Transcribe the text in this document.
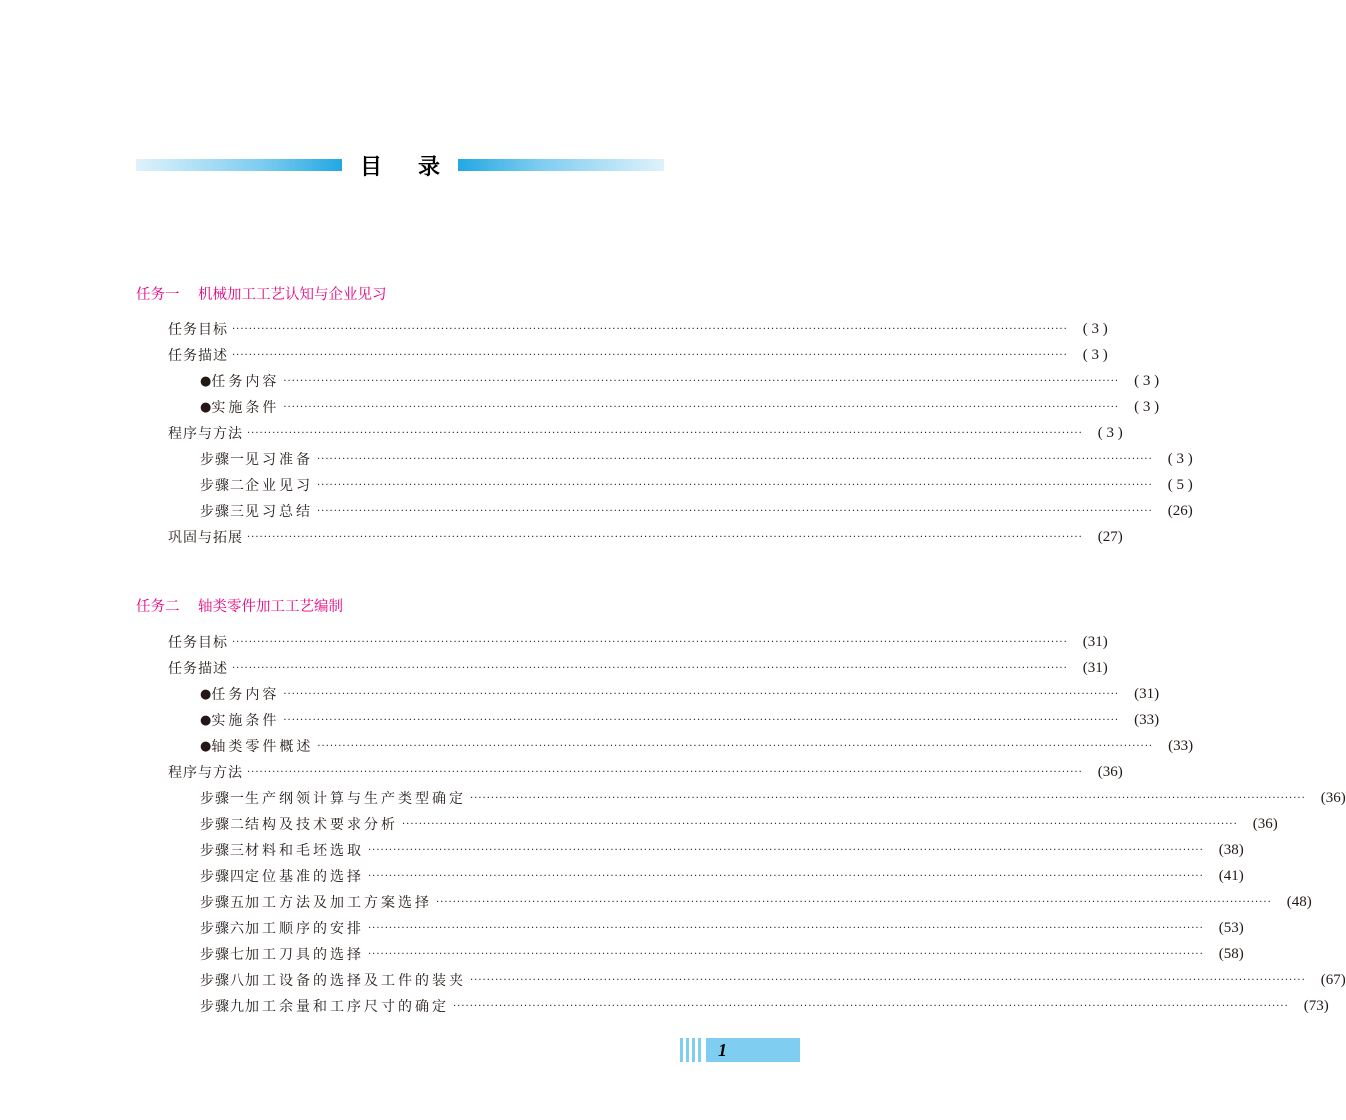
目 录
任务一 机械加工工艺认知与企业见习
任务目标 ········································································································································································································	( 3 )
任务描述 ········································································································································································································	( 3 )
● 任务内容 ········································································································································································································	( 3 )
● 实施条件 ········································································································································································································	( 3 )
程序与方法 ········································································································································································································	( 3 )
步骤一 见习准备 ········································································································································································································	( 3 )
步骤二 企业见习 ········································································································································································································	( 5 )
步骤三 见习总结 ········································································································································································································	(26)
巩固与拓展 ········································································································································································································	(27)
任务二 轴类零件加工工艺编制
任务目标 ········································································································································································································	(31)
任务描述 ········································································································································································································	(31)
● 任务内容 ········································································································································································································	(31)
● 实施条件 ········································································································································································································	(33)
● 轴类零件概述 ········································································································································································································	(33)
程序与方法 ········································································································································································································	(36)
步骤一 生产纲领计算与生产类型确定 ········································································································································································································	(36)
步骤二 结构及技术要求分析 ········································································································································································································	(36)
步骤三 材料和毛坯选取 ········································································································································································································	(38)
步骤四 定位基准的选择 ········································································································································································································	(41)
步骤五 加工方法及加工方案选择 ········································································································································································································	(48)
步骤六 加工顺序的安排 ········································································································································································································	(53)
步骤七 加工刀具的选择 ········································································································································································································	(58)
步骤八 加工设备的选择及工件的装夹 ········································································································································································································	(67)
步骤九 加工余量和工序尺寸的确定 ········································································································································································································	(73)
1
